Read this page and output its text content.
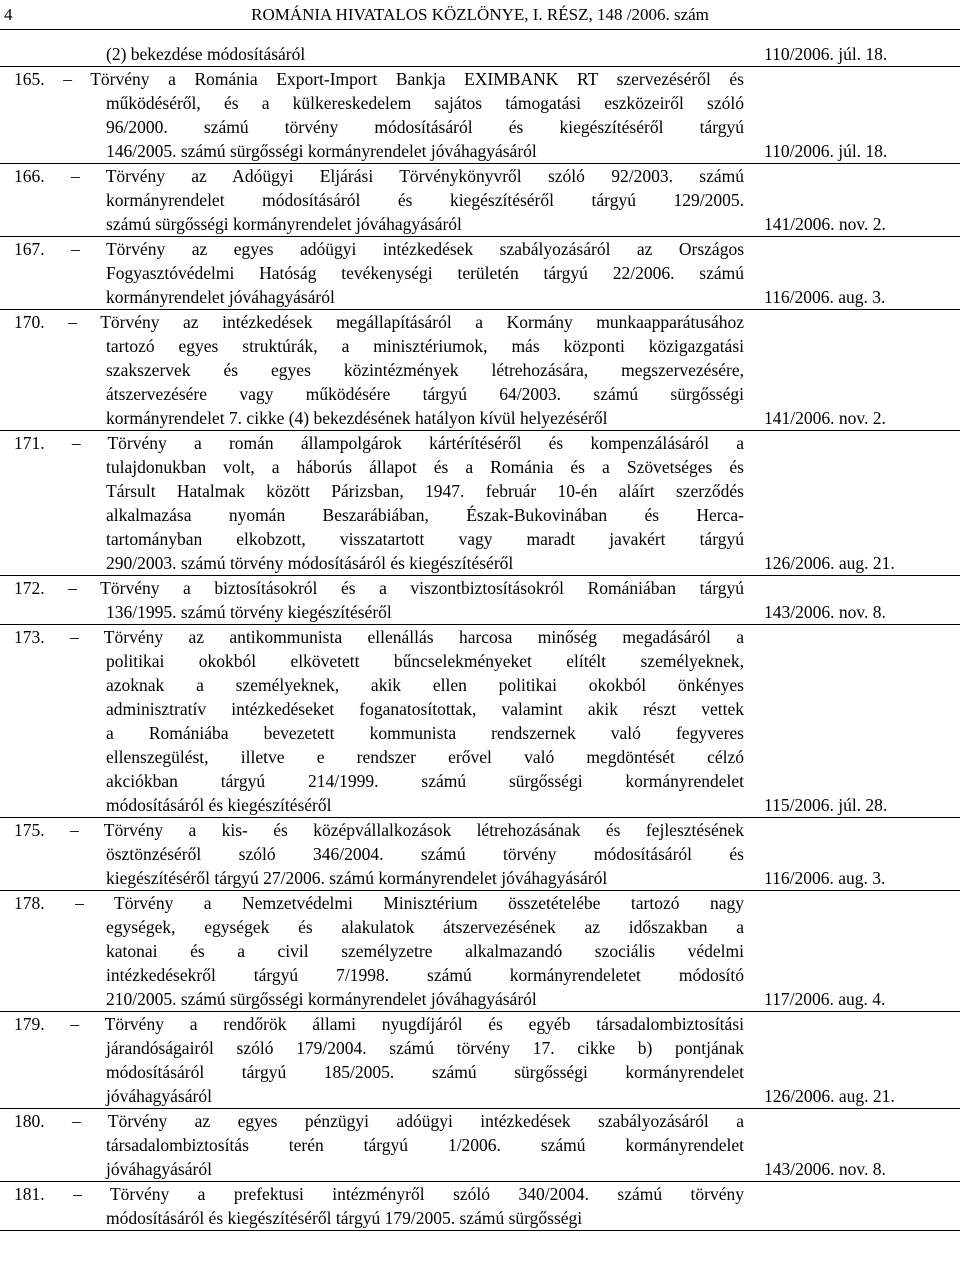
4	ROMÁNIA HIVATALOS KÖZLÖNYE, I. RÉSZ, 148 /2006. szám
(2) bekezdése módosításáról	110/2006. júl. 18.
165. – Törvény a Románia Export-Import Bankja EXIMBANK RT szervezéséről és
működéséről, és a külkereskedelem sajátos támogatási eszközeiről szóló
96/2000. számú törvény módosításáról és kiegészítéséről tárgyú
146/2005. számú sürgősségi kormányrendelet jóváhagyásáról	110/2006. júl. 18.
166. – Törvény az Adóügyi Eljárási Törvénykönyvről szóló 92/2003. számú
kormányrendelet módosításáról és kiegészítéséről tárgyú 129/2005.
számú sürgősségi kormányrendelet jóváhagyásáról	141/2006. nov. 2.
167. – Törvény az egyes adóügyi intézkedések szabályozásáról az Országos
Fogyasztóvédelmi Hatóság tevékenységi területén tárgyú 22/2006. számú
kormányrendelet jóváhagyásáról	116/2006. aug. 3.
170. – Törvény az intézkedések megállapításáról a Kormány munkaapparátusához
tartozó egyes struktúrák, a minisztériumok, más központi közigazgatási
szakszervek és egyes közintézmények létrehozására, megszervezésére,
átszervezésére vagy működésére tárgyú 64/2003. számú sürgősségi
kormányrendelet 7. cikke (4) bekezdésének hatályon kívül helyezéséről	141/2006. nov. 2.
171. – Törvény a román állampolgárok kártérítéséről és kompenzálásáról a
tulajdonukban volt, a háborús állapot és a Románia és a Szövetséges és
Társult Hatalmak között Párizsban, 1947. február 10-én aláírt szerződés
alkalmazása nyomán Beszarábiában, Észak-Bukovinában és Herca-
tartományban elkobzott, visszatartott vagy maradt javakért tárgyú
290/2003. számú törvény módosításáról és kiegészítéséről	126/2006. aug. 21.
172. – Törvény a biztosításokról és a viszontbiztosításokról Romániában tárgyú
136/1995. számú törvény kiegészítéséről	143/2006. nov. 8.
173. – Törvény az antikommunista ellenállás harcosa minőség megadásáról a
politikai okokból elkövetett bűncselekményeket elítélt személyeknek,
azoknak a személyeknek, akik ellen politikai okokból önkényes
adminisztratív intézkedéseket foganatosítottak, valamint akik részt vettek
a Romániába bevezetett kommunista rendszernek való fegyveres
ellenszegülést, illetve e rendszer erővel való megdöntését célzó
akciókban tárgyú 214/1999. számú sürgősségi kormányrendelet
módosításáról és kiegészítéséről	115/2006. júl. 28.
175. – Törvény a kis- és középvállalkozások létrehozásának és fejlesztésének
ösztönzéséről szóló 346/2004. számú törvény módosításáról és
kiegészítéséről tárgyú 27/2006. számú kormányrendelet jóváhagyásáról	116/2006. aug. 3.
178. – Törvény a Nemzetvédelmi Minisztérium összetételébe tartozó nagy
egységek, egységek és alakulatok átszervezésének az időszakban a
katonai és a civil személyzetre alkalmazandó szociális védelmi
intézkedésekről tárgyú 7/1998. számú kormányrendeletet módosító
210/2005. számú sürgősségi kormányrendelet jóváhagyásáról	117/2006. aug. 4.
179. – Törvény a rendőrök állami nyugdíjáról és egyéb társadalombiztosítási
járandóságairól szóló 179/2004. számú törvény 17. cikke b) pontjának
módosításáról tárgyú 185/2005. számú sürgősségi kormányrendelet
jóváhagyásáról	126/2006. aug. 21.
180. – Törvény az egyes pénzügyi adóügyi intézkedések szabályozásáról a
társadalombiztosítás terén tárgyú 1/2006. számú kormányrendelet
jóváhagyásáról	143/2006. nov. 8.
181. – Törvény a prefektusi intézményről szóló 340/2004. számú törvény
módosításáról és kiegészítéséről tárgyú 179/2005. számú sürgősségi
